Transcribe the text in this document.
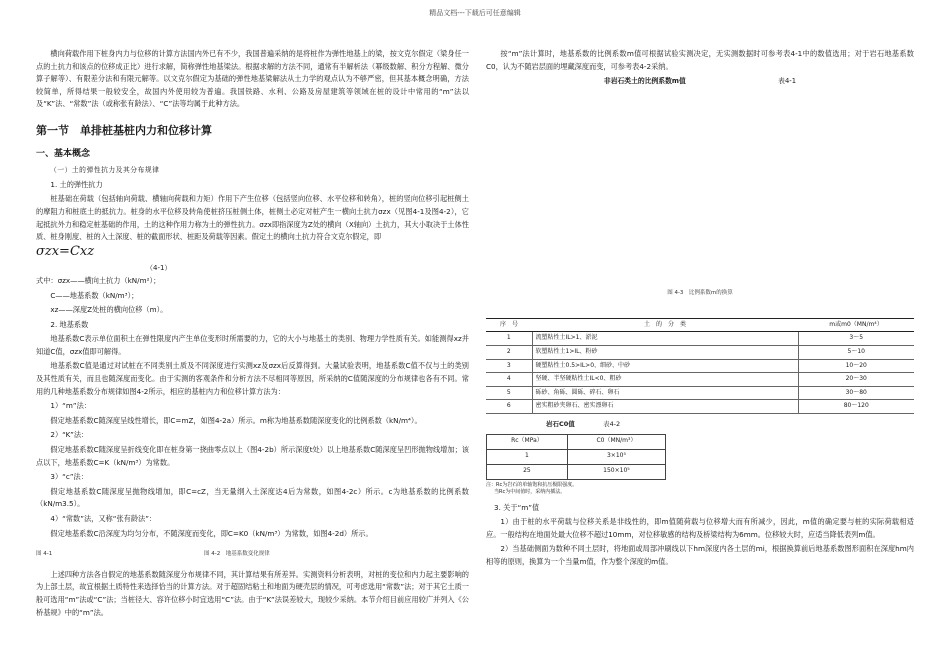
精品文档---下载后可任意编辑

横向荷载作用下桩身内力与位移的计算方法国内外已有不少，我国普遍采纳的是将桩作为弹性地基上的梁，按文克尔假定（梁身任一点的土抗力和该点的位移成正比）进行求解，简称弹性地基梁法。根据求解的方法不同，通常有半解析法（幂级数解、积分方程解、微分算子解等）、有限差分法和有限元解等。以文克尔假定为基础的弹性地基梁解法从土力学的观点认为不够严密，但其基本概念明确，方法较简单，所得结果一般较安全，故国内外使用较为普遍。我国铁路、水利、公路及房屋建筑等领域在桩的设计中常用的“m”法以及“K”法、“常数”法（或称张有龄法）、“C”法等均属于此种方法。

第一节　单排桩基桩内力和位移计算
一、基本概念
（一）土的弹性抗力及其分布规律

1. 土的弹性抗力

桩基础在荷载（包括轴向荷载、横轴向荷载和力矩）作用下产生位移（包括竖向位移、水平位移和转角），桩的竖向位移引起桩侧土的摩阻力和桩底土的抵抗力。桩身的水平位移及转角使桩挤压桩侧土体，桩侧土必定对桩产生一横向土抗力σzx（见图4-1及图4-2），它起抵抗外力和稳定桩基础的作用，土的这种作用力称为土的弹性抗力。σzx即指深度为Z处的横向（X轴向）土抗力，其大小取决于土体性质、桩身刚度、桩的入土深度、桩的截面形状、桩距及荷载等因素。假定土的横向土抗力符合文克尔假定，即

σzx=Cxz
（4-1）

式中：σzx——横向土抗力（kN/m²）；

C——地基系数（kN/m³）；

xz——深度Z处桩的横向位移（m）。

2. 地基系数

地基系数C表示单位面积土在弹性限度内产生单位变形时所需要的力，它的大小与地基土的类别、物理力学性质有关。如能测得xz并知道C值，σzx值即可解得。

地基系数C值是通过对试桩在不同类别土质及不同深度进行实测xz及σzx后反算得到。大量试验表明，地基系数C值不仅与土的类别及其性质有关，而且也随深度而变化。由于实测的客观条件和分析方法不尽相同等原因，所采纳的C值随深度的分布规律也各有不同。常用的几种地基系数分布规律如图4-2所示，相应的基桩内力和位移计算方法为：

1）“m”法：

假定地基系数C随深度呈线性增长，即C=mZ，如图4-2a）所示。m称为地基系数随深度变化的比例系数（kN/m⁴）。

2）“K”法：

假定地基系数C随深度呈折线变化即在桩身第一挠曲零点以上（图4-2b）所示深度t处）以上地基系数C随深度呈凹形抛物线增加；该点以下，地基系数C=K（kN/m³）为常数。

3）“c”法：

假定地基系数C随深度呈抛物线增加，即C=cZ，当无量纲入土深度达4后为常数，如图4-2c）所示。c为地基系数的比例系数（kN/m3.5）。

4）“常数”法，又称“张有龄法”：

假定地基系数C沿深度为均匀分布，不随深度而变化，即C=K0（kN/m³）为常数，如图4-2d）所示。

图 4-1	图 4-2　地基系数变化规律

上述四种方法各自假定的地基系数随深度分布规律不同，其计算结果有所差异。实测资料分析表明，对桩的变位和内力起主要影响的为上部土层，故宜根据土质特性来选择恰当的计算方法。对于超固结粘土和地面为硬壳层的情况，可考虑选用“常数”法；对于其它土质一般可选用“m”法或“C”法；当桩径大、容许位移小时宜选用“C”法。由于“K”法误差较大，现较少采纳。本节介绍目前应用较广并列入《公桥基规》中的“m”法。

按“m”法计算时，地基系数的比例系数m值可根据试验实测决定，无实测数据时可参考表4-1中的数值选用；对于岩石地基系数C0，认为不随岩层面的埋藏深度而变，可参考表4-2采纳。

非岩石类土的比例系数m值	表4-1
图 4-3　比例系数m的换算
序　号	土　的　分　类	m或m0（MN/m⁴）
1	流塑粘性土IL>1、淤泥	3～5
2	软塑粘性土1>IL、粉砂	5～10
3	硬塑粘性土0.5>IL>0、细砂、中砂	10～20
4	坚硬、半坚硬粘性土IL<0、粗砂	20～30
5	砾砂、角砾、圆砾、碎石、卵石	30～80
6	密实粗砂夹卵石、密实漂卵石	80～120
岩石C0值	表4-2
Rc（MPa）	C0（MN/m³）
1	3×10⁵
25	150×10⁵
注：Rc为岩石的单轴饱和抗压极限强度。
当Rc为中间值时，采纳内插法。

3. 关于“m”值

1）由于桩的水平荷载与位移关系是非线性的，即m值随荷载与位移增大而有所减少，因此，m值的确定要与桩的实际荷载相适应。一般结构在地面处最大位移不超过10mm，对位移敏感的结构及桥梁结构为6mm。位移较大时，应适当降低表列m值。

2）当基础侧面为数种不同土层时，将地面或局部冲刷线以下hm深度内各土层的mi，根据换算前后地基系数图形面积在深度hm内相等的原则，换算为一个当量m值，作为整个深度的m值。
